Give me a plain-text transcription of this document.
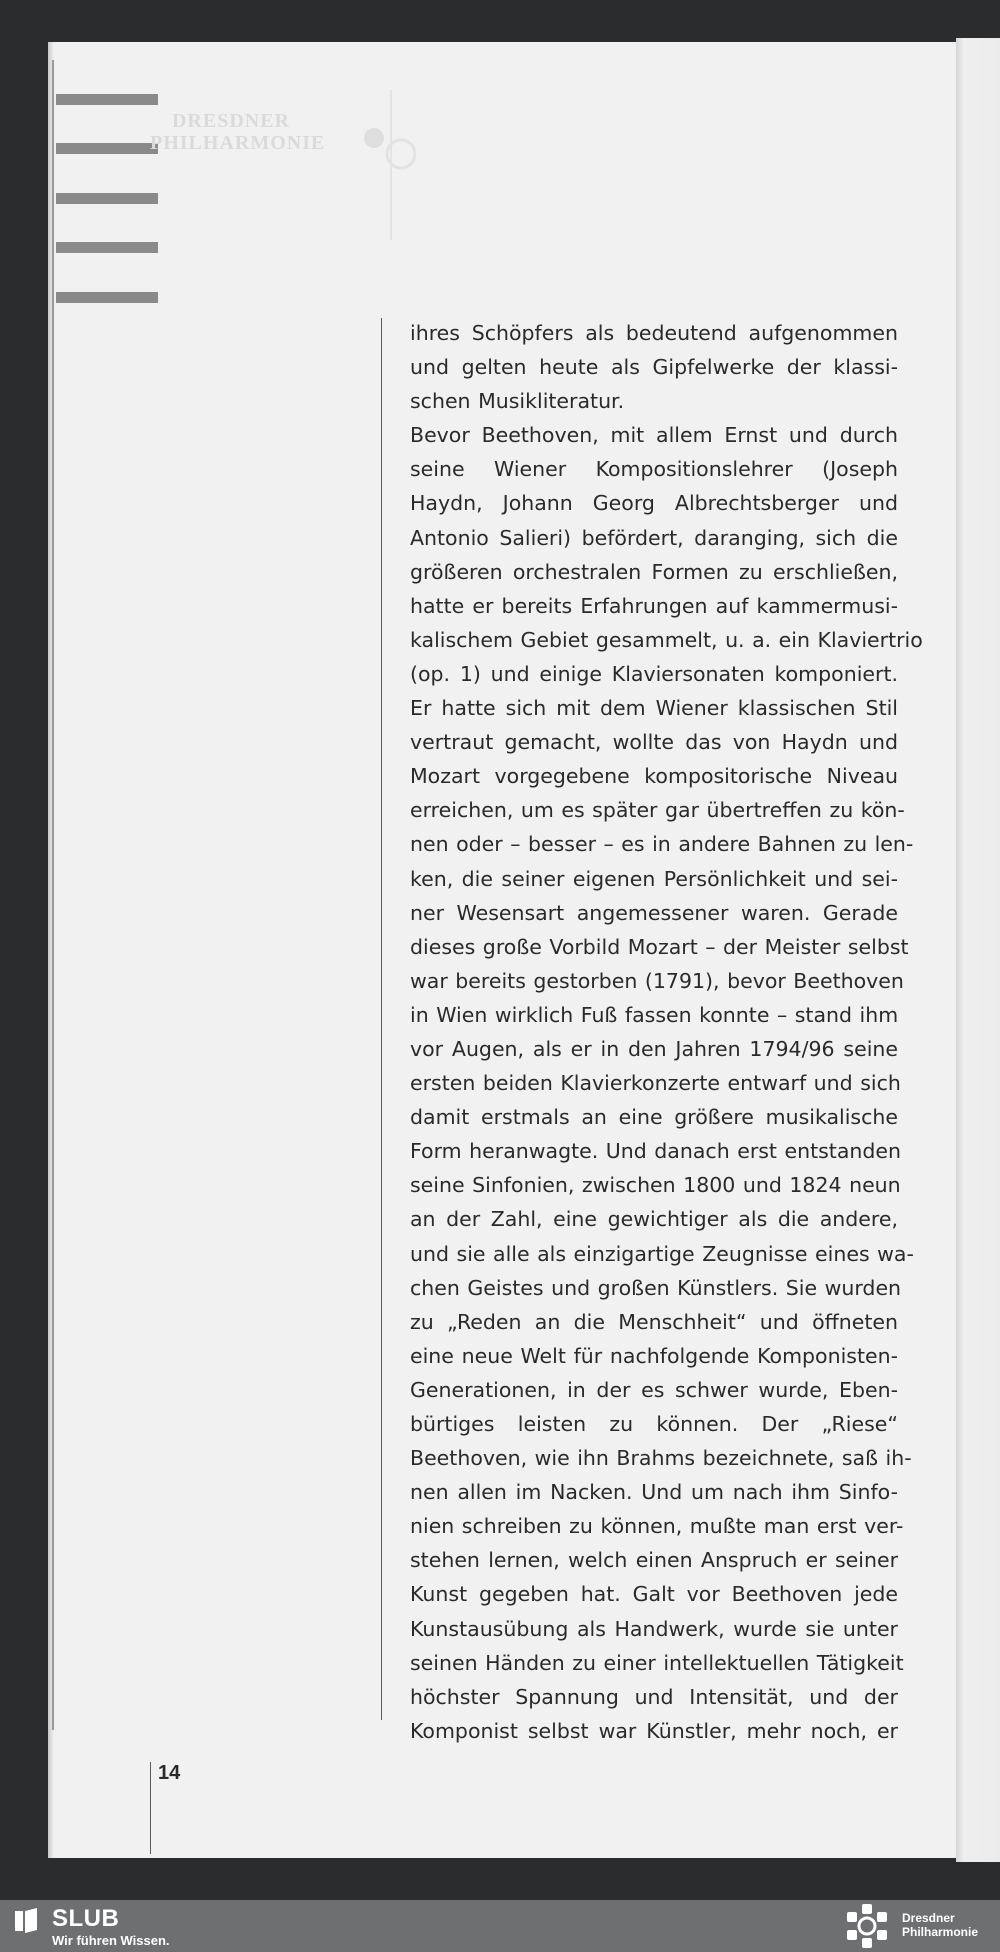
DRESDNER
PHILHARMONIE
ihres Schöpfers als bedeutend aufgenommen
und gelten heute als Gipfelwerke der klassi-
schen Musikliteratur.
Bevor Beethoven, mit allem Ernst und durch
seine Wiener Kompositionslehrer (Joseph
Haydn, Johann Georg Albrechtsberger und
Antonio Salieri) befördert, daranging, sich die
größeren orchestralen Formen zu erschließen,
hatte er bereits Erfahrungen auf kammermusi-
kalischem Gebiet gesammelt, u. a. ein Klaviertrio
(op. 1) und einige Klaviersonaten komponiert.
Er hatte sich mit dem Wiener klassischen Stil
vertraut gemacht, wollte das von Haydn und
Mozart vorgegebene kompositorische Niveau
erreichen, um es später gar übertreffen zu kön-
nen oder – besser – es in andere Bahnen zu len-
ken, die seiner eigenen Persönlichkeit und sei-
ner Wesensart angemessener waren. Gerade
dieses große Vorbild Mozart – der Meister selbst
war bereits gestorben (1791), bevor Beethoven
in Wien wirklich Fuß fassen konnte – stand ihm
vor Augen, als er in den Jahren 1794/96 seine
ersten beiden Klavierkonzerte entwarf und sich
damit erstmals an eine größere musikalische
Form heranwagte. Und danach erst entstanden
seine Sinfonien, zwischen 1800 und 1824 neun
an der Zahl, eine gewichtiger als die andere,
und sie alle als einzigartige Zeugnisse eines wa-
chen Geistes und großen Künstlers. Sie wurden
zu „Reden an die Menschheit“ und öffneten
eine neue Welt für nachfolgende Komponisten-
Generationen, in der es schwer wurde, Eben-
bürtiges leisten zu können. Der „Riese“
Beethoven, wie ihn Brahms bezeichnete, saß ih-
nen allen im Nacken. Und um nach ihm Sinfo-
nien schreiben zu können, mußte man erst ver-
stehen lernen, welch einen Anspruch er seiner
Kunst gegeben hat. Galt vor Beethoven jede
Kunstausübung als Handwerk, wurde sie unter
seinen Händen zu einer intellektuellen Tätigkeit
höchster Spannung und Intensität, und der
Komponist selbst war Künstler, mehr noch, er
14
SLUB
Wir führen Wissen.
Dresdner
Philharmonie
